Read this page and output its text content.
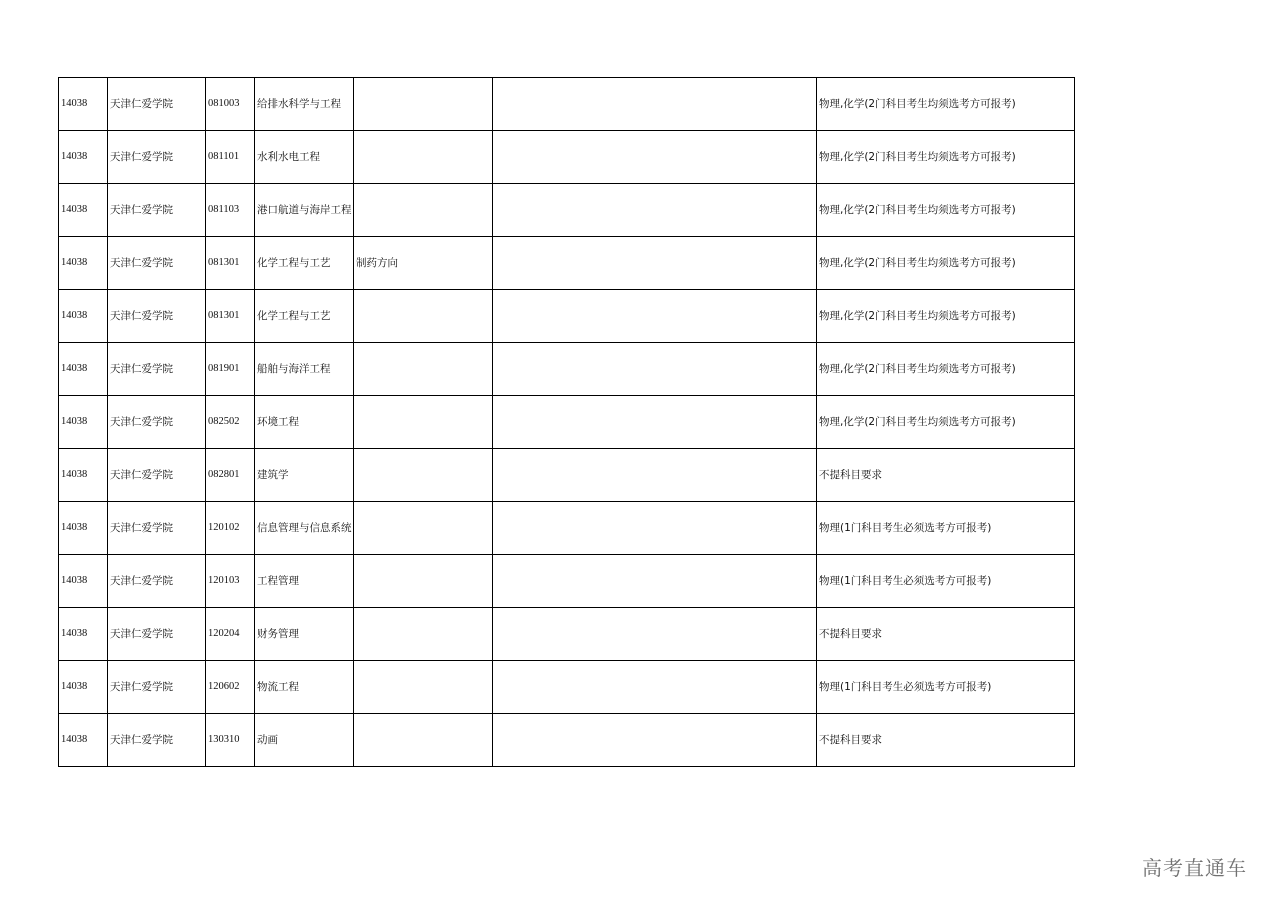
14038	天津仁爱学院	081003	给排水科学与工程			物理,化学(2门科目考生均须选考方可报考)
14038	天津仁爱学院	081101	水利水电工程			物理,化学(2门科目考生均须选考方可报考)
14038	天津仁爱学院	081103	港口航道与海岸工程			物理,化学(2门科目考生均须选考方可报考)
14038	天津仁爱学院	081301	化学工程与工艺	制药方向		物理,化学(2门科目考生均须选考方可报考)
14038	天津仁爱学院	081301	化学工程与工艺			物理,化学(2门科目考生均须选考方可报考)
14038	天津仁爱学院	081901	船舶与海洋工程			物理,化学(2门科目考生均须选考方可报考)
14038	天津仁爱学院	082502	环境工程			物理,化学(2门科目考生均须选考方可报考)
14038	天津仁爱学院	082801	建筑学			不提科目要求
14038	天津仁爱学院	120102	信息管理与信息系统			物理(1门科目考生必须选考方可报考)
14038	天津仁爱学院	120103	工程管理			物理(1门科目考生必须选考方可报考)
14038	天津仁爱学院	120204	财务管理			不提科目要求
14038	天津仁爱学院	120602	物流工程			物理(1门科目考生必须选考方可报考)
14038	天津仁爱学院	130310	动画			不提科目要求
高考直通车
